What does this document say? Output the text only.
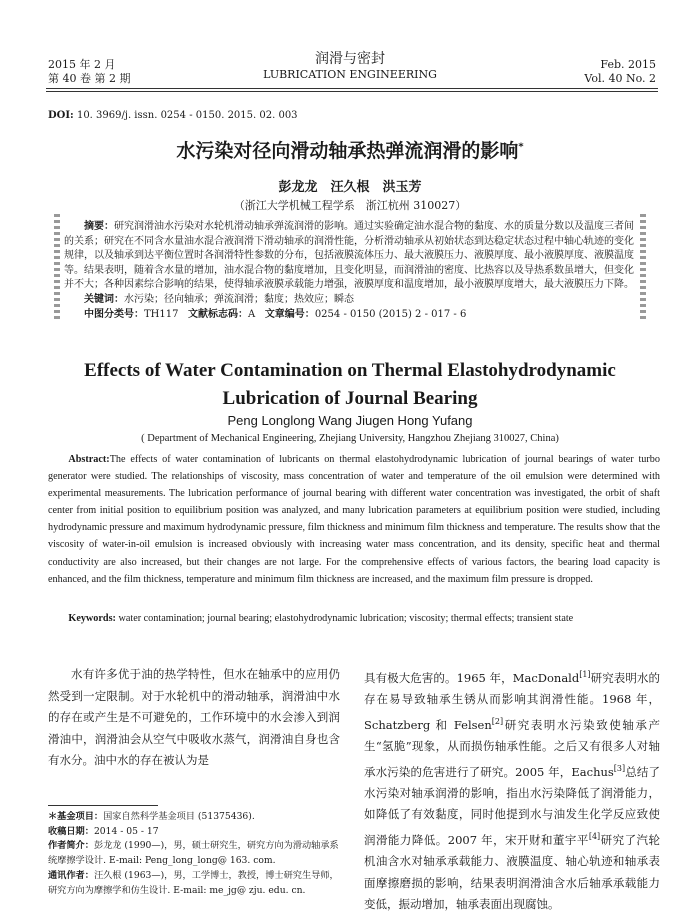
2015 年 2 月
第 40 卷 第 2 期
润滑与密封
LUBRICATION ENGINEERING
Feb. 2015
Vol. 40 No. 2
DOI: 10. 3969/j. issn. 0254 - 0150. 2015. 02. 003
水污染对径向滑动轴承热弹流润滑的影响*
彭龙龙　汪久根　洪玉芳
（浙江大学机械工程学系　浙江杭州 310027）
摘要：研究润滑油水污染对水轮机滑动轴承弹流润滑的影响。通过实验确定油水混合物的黏度、水的质量分数以及温度三者间的关系；研究在不同含水量油水混合液润滑下滑动轴承的润滑性能，分析滑动轴承从初始状态到达稳定状态过程中轴心轨迹的变化规律，以及轴承到达平衡位置时各润滑特性参数的分布，包括液膜流体压力、最大液膜压力、液膜厚度、最小液膜厚度、液膜温度等。结果表明，随着含水量的增加，油水混合物的黏度增加，且变化明显，而润滑油的密度、比热容以及导热系数虽增大，但变化并不大；各种因素综合影响的结果，使得轴承液膜承载能力增强，液膜厚度和温度增加，最小液膜厚度增大，最大液膜压力下降。
关键词：水污染；径向轴承；弹流润滑；黏度；热效应；瞬态
中图分类号：TH117 文献标志码：A 文章编号：0254 - 0150 (2015) 2 - 017 - 6
Effects of Water Contamination on Thermal Elastohydrodynamic
Lubrication of Journal Bearing
Peng Longlong Wang Jiugen Hong Yufang
( Department of Mechanical Engineering, Zhejiang University, Hangzhou Zhejiang 310027, China)
Abstract:The effects of water contamination of lubricants on thermal elastohydrodynamic lubrication of journal bearings of water turbo generator were studied. The relationships of viscosity, mass concentration of water and temperature of the oil emulsion were determined with experimental measurements. The lubrication performance of journal bearing with different water concentration was investigated, the orbit of shaft center from initial position to equilibrium position was analyzed, and many lubrication parameters at equilibrium position were studied, including hydrodynamic pressure and maximum hydrodynamic pressure, film thickness and minimum film thickness and temperature. The results show that the viscosity of water-in-oil emulsion is increased obviously with increasing water mass concentration, and its density, specific heat and thermal conductivity are also increased, but their changes are not large. For the comprehensive effects of various factors, the bearing load capacity is enhanced, and the film thickness, temperature and minimum film thickness are increased, and the maximum film pressure is dropped.
Keywords: water contamination; journal bearing; elastohydrodynamic lubrication; viscosity; thermal effects; transient state
水有许多优于油的热学特性，但水在轴承中的应用仍然受到一定限制。对于水轮机中的滑动轴承，润滑油中水的存在或产生是不可避免的，工作环境中的水会渗入到润滑油中，润滑油会从空气中吸收水蒸气，润滑油自身也含有水分。油中水的存在被认为是
具有极大危害的。1965 年，MacDonald[1]研究表明水的存在易导致轴承生锈从而影响其润滑性能。1968 年，Schatzberg 和 Felsen[2]研究表明水污染致使轴承产生“氢脆”现象，从而损伤轴承性能。之后又有很多人对轴承水污染的危害进行了研究。2005 年，Eachus[3]总结了水污染对轴承润滑的影响，指出水污染降低了润滑能力，如降低了有效黏度，同时他提到水与油发生化学反应致使润滑能力降低。2007 年，宋开财和董宇平[4]研究了汽轮机油含水对轴承承载能力、液膜温度、轴心轨迹和轴承表面摩擦磨损的影响，结果表明润滑油含水后轴承承载能力变低，振动增加，轴承表面出现腐蚀。
＊基金项目：国家自然科学基金项目 (51375436).
收稿日期：2014 - 05 - 17
作者简介：彭龙龙 (1990—)，男，硕士研究生，研究方向为滑动轴承系统摩擦学设计. E-mail: Peng_long_long@ 163. com.
通讯作者：汪久根 (1963—)，男，工学博士，教授，博士研究生导师，研究方向为摩擦学和仿生设计. E-mail: me_jg@ zju. edu. cn.
